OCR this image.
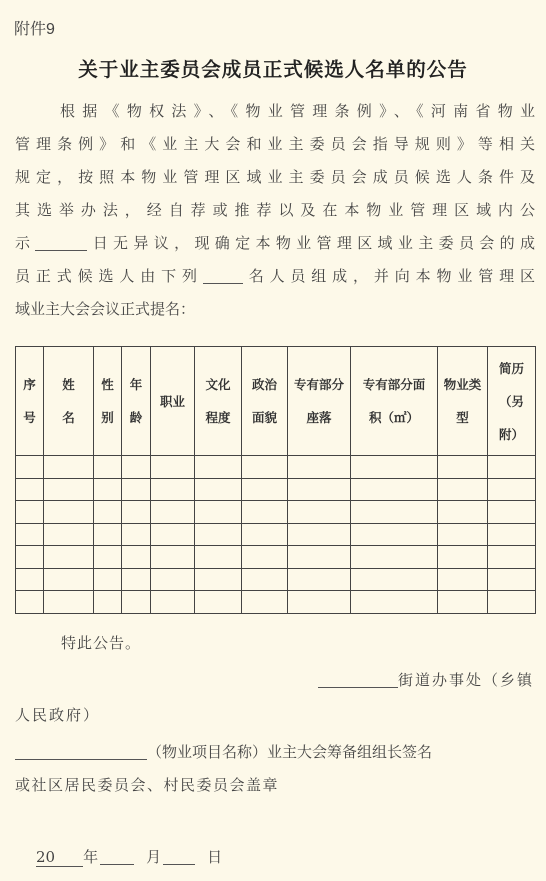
附件9
关于业主委员会成员正式候选人名单的公告
根据《物权法》、《物业管理条例》、《河南省物业
管理条例》和《业主大会和业主委员会指导规则》等相关
规定，按照本物业管理区域业主委员会成员候选人条件及
其选举办法，经自荐或推荐以及在本物业管理区域内公
示	日无异议，现确定本物业管理区域业主委员会的成
员正式候选人由下列	名人员组成，并向本物业管理区
域业主大会会议正式提名：
序号	姓名	性别	年龄	职业	文化程度	政治面貌	专有部分座落	专有部分面积（㎡）	物业类型	简历（另附）

特此公告。
街道办事处（乡镇
人民政府）
（物业项目名称）业主大会筹备组组长签名
或社区居民委员会、村民委员会盖章
20 年	月	日
